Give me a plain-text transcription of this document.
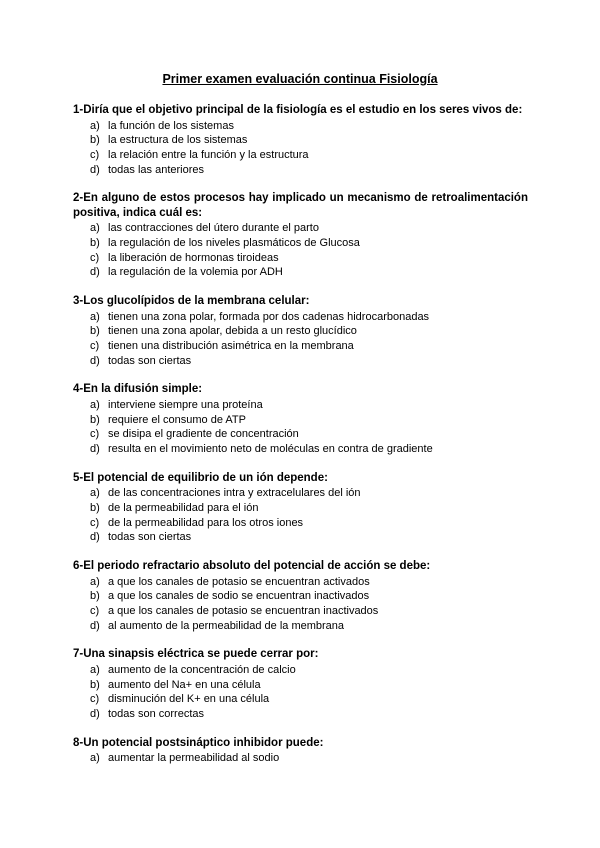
Primer examen evaluación continua Fisiología
1-Diría que el objetivo principal de la fisiología es el estudio en los seres vivos de:
a) la función de los sistemas
b) la estructura de los sistemas
c) la relación entre la función y la estructura
d) todas las anteriores
2-En alguno de estos procesos hay implicado un mecanismo de retroalimentación positiva, indica cuál es:
a) las contracciones del útero durante el parto
b) la regulación de los niveles plasmáticos de Glucosa
c) la liberación de hormonas tiroideas
d) la regulación de la volemia por ADH
3-Los glucolípidos de la membrana celular:
a) tienen una zona polar, formada por dos cadenas hidrocarbonadas
b) tienen una zona apolar, debida a un resto glucídico
c) tienen una distribución asimétrica en la membrana
d) todas son ciertas
4-En la difusión simple:
a) interviene siempre una proteína
b) requiere el consumo de ATP
c) se disipa el gradiente de concentración
d) resulta en el movimiento neto de moléculas en contra de gradiente
5-El potencial de equilibrio de un ión depende:
a) de las concentraciones intra y extracelulares del ión
b) de la permeabilidad para el ión
c) de la permeabilidad para los otros iones
d) todas son ciertas
6-El periodo refractario absoluto del potencial de acción se debe:
a) a que los canales de potasio se encuentran activados
b) a que los canales de sodio se encuentran inactivados
c) a que los canales de potasio se encuentran inactivados
d) al aumento de la permeabilidad de la membrana
7-Una sinapsis eléctrica se puede cerrar por:
a) aumento de la concentración de calcio
b) aumento del Na+ en una célula
c) disminución del K+ en una célula
d) todas son correctas
8-Un potencial postsináptico inhibidor puede:
a) aumentar la permeabilidad al sodio
